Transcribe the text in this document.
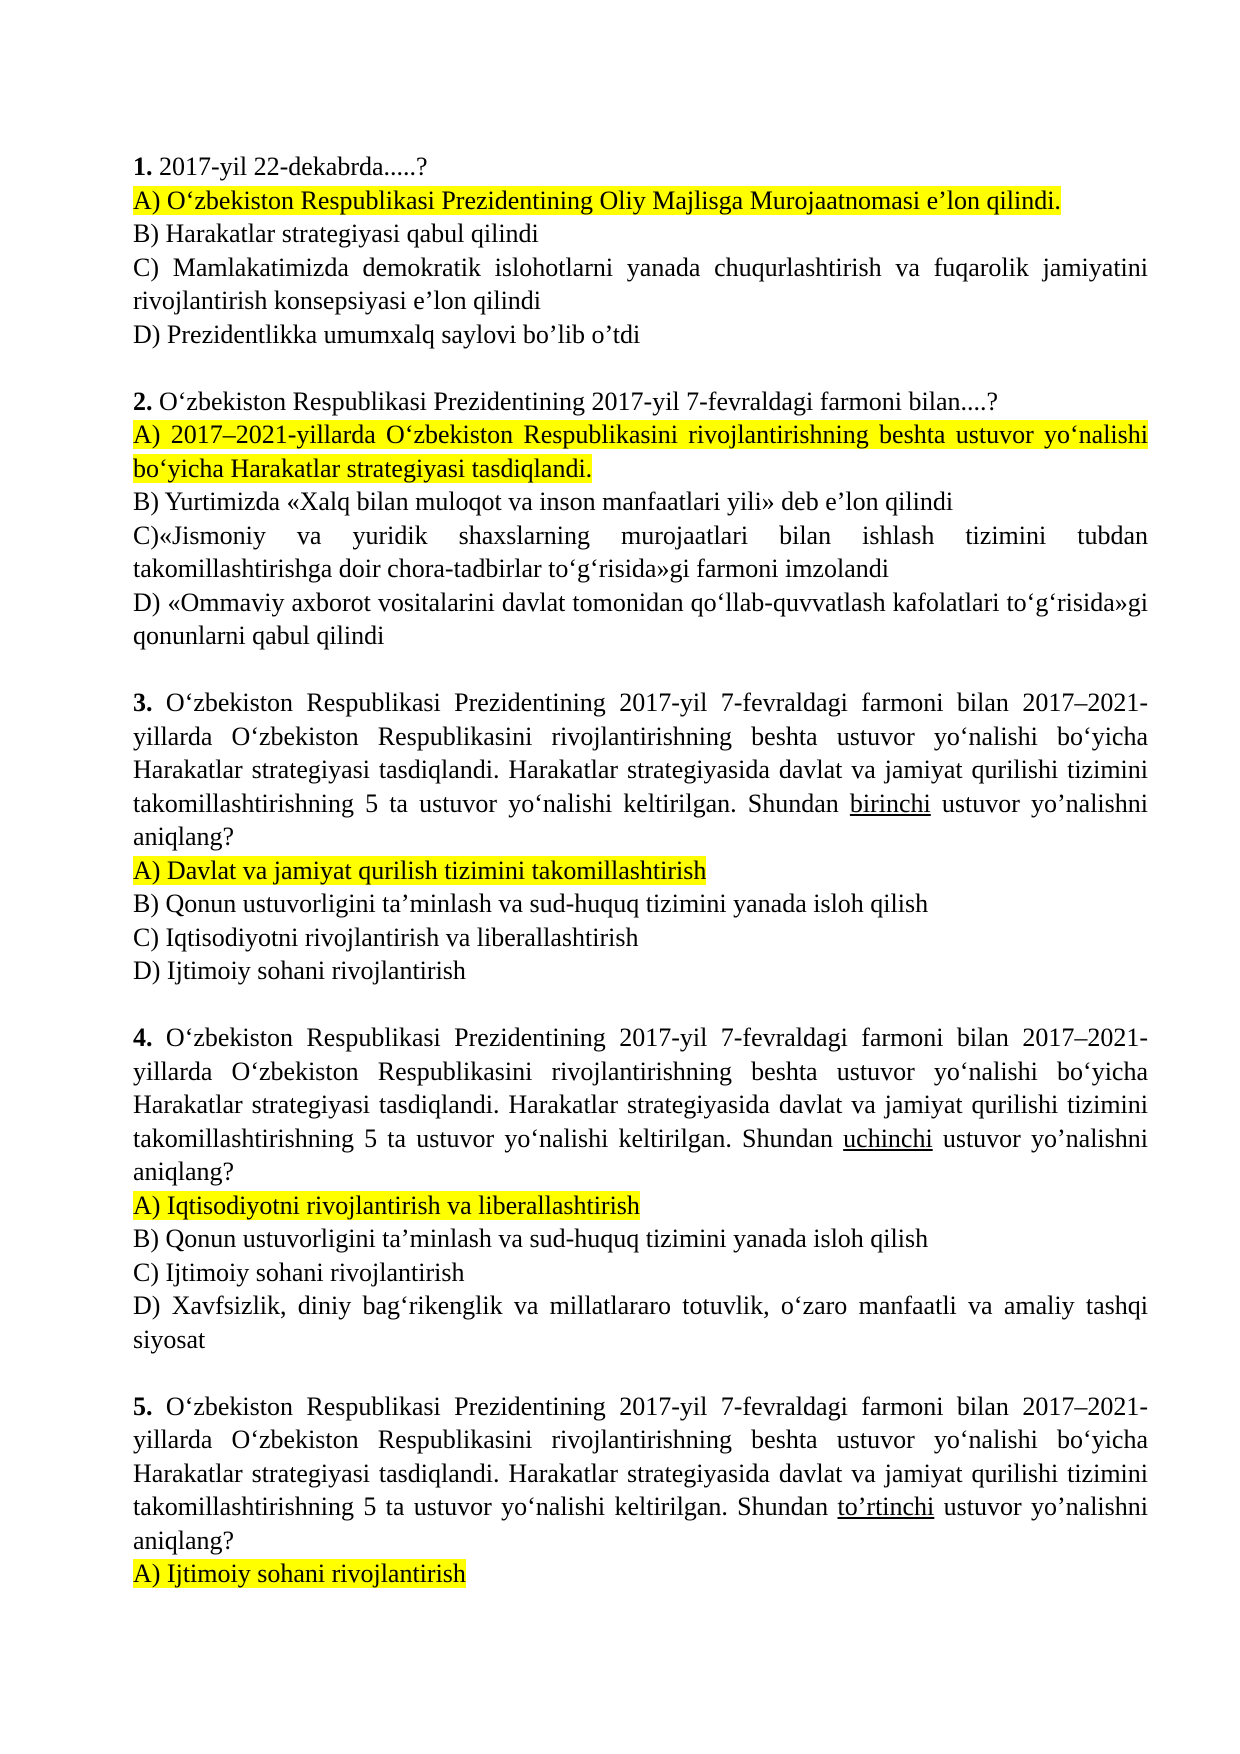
1. 2017-yil 22-dekabrda.....?
A) O‘zbekiston Respublikasi Prezidentining Oliy Majlisga Murojaatnomasi e’lon qilindi.
B) Harakatlar strategiyasi qabul qilindi
C) Mamlakatimizda demokratik islohotlarni yanada chuqurlashtirish va fuqarolik jamiyatini rivojlantirish konsepsiyasi e’lon qilindi
D) Prezidentlikka umumxalq saylovi bo’lib o’tdi
2. O‘zbekiston Respublikasi Prezidentining 2017-yil 7-fevraldagi farmoni bilan....?
A) 2017–2021-yillarda O‘zbekiston Respublikasini rivojlantirishning beshta ustuvor yo‘nalishi bo‘yicha Harakatlar strategiyasi tasdiqlandi.
B) Yurtimizda «Xalq bilan muloqot va inson manfaatlari yili» deb e’lon qilindi
C)«Jismoniy va yuridik shaxslarning murojaatlari bilan ishlash tizimini tubdan takomillashtirishga doir chora-tadbirlar to‘g‘risida»gi farmoni imzolandi
D) «Ommaviy axborot vositalarini davlat tomonidan qo‘llab-quvvatlash kafolatlari to‘g‘risida»gi qonunlarni qabul qilindi
3. O‘zbekiston Respublikasi Prezidentining 2017-yil 7-fevraldagi farmoni bilan 2017–2021-yillarda O‘zbekiston Respublikasini rivojlantirishning beshta ustuvor yo‘nalishi bo‘yicha Harakatlar strategiyasi tasdiqlandi. Harakatlar strategiyasida davlat va jamiyat qurilishi tizimini takomillashtirishning 5 ta ustuvor yo‘nalishi keltirilgan. Shundan birinchi ustuvor yo’nalishni aniqlang?
A) Davlat va jamiyat qurilish tizimini takomillashtirish
B) Qonun ustuvorligini ta’minlash va sud-huquq tizimini yanada isloh qilish
C) Iqtisodiyotni rivojlantirish va liberallashtirish
D) Ijtimoiy sohani rivojlantirish
4. O‘zbekiston Respublikasi Prezidentining 2017-yil 7-fevraldagi farmoni bilan 2017–2021-yillarda O‘zbekiston Respublikasini rivojlantirishning beshta ustuvor yo‘nalishi bo‘yicha Harakatlar strategiyasi tasdiqlandi. Harakatlar strategiyasida davlat va jamiyat qurilishi tizimini takomillashtirishning 5 ta ustuvor yo‘nalishi keltirilgan. Shundan uchinchi ustuvor yo’nalishni aniqlang?
A) Iqtisodiyotni rivojlantirish va liberallashtirish
B) Qonun ustuvorligini ta’minlash va sud-huquq tizimini yanada isloh qilish
C) Ijtimoiy sohani rivojlantirish
D) Xavfsizlik, diniy bag‘rikenglik va millatlararo totuvlik, o‘zaro manfaatli va amaliy tashqi siyosat
5. O‘zbekiston Respublikasi Prezidentining 2017-yil 7-fevraldagi farmoni bilan 2017–2021-yillarda O‘zbekiston Respublikasini rivojlantirishning beshta ustuvor yo‘nalishi bo‘yicha Harakatlar strategiyasi tasdiqlandi. Harakatlar strategiyasida davlat va jamiyat qurilishi tizimini takomillashtirishning 5 ta ustuvor yo‘nalishi keltirilgan. Shundan to’rtinchi ustuvor yo’nalishni aniqlang?
A) Ijtimoiy sohani rivojlantirish
